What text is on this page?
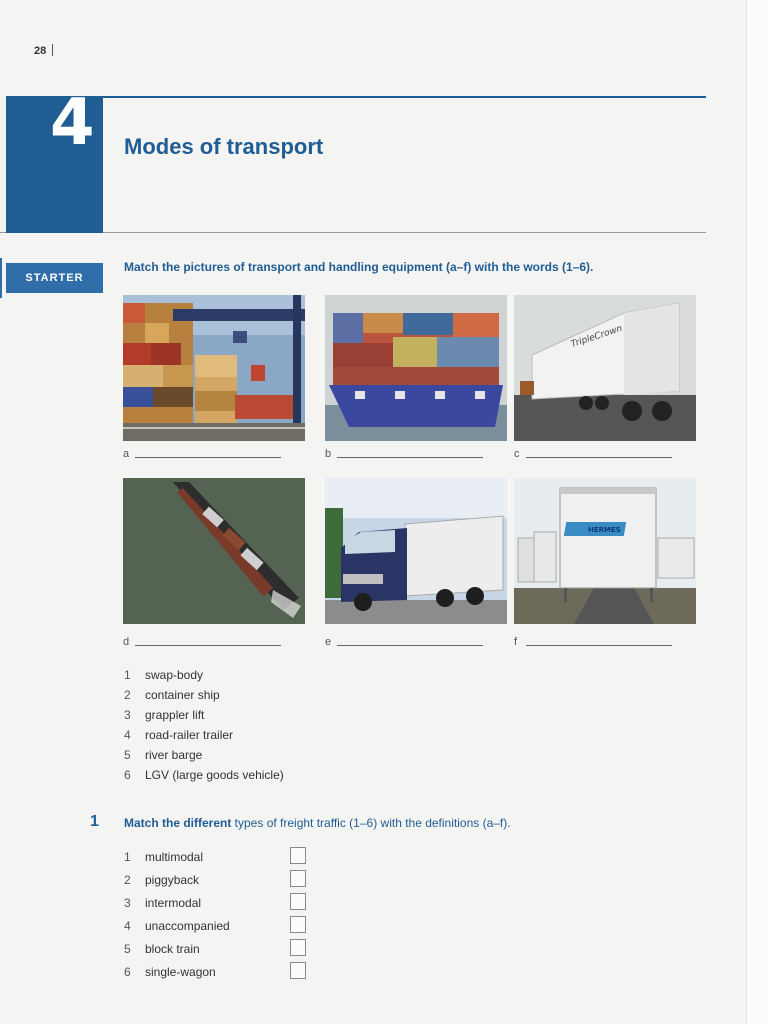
28
4 Modes of transport
STARTER
Match the pictures of transport and handling equipment (a–f) with the words (1–6).
TripleCrown
a	b	c
HERMES
d	e	f
1	swap-body
2	container ship
3	grappler lift
4	road-railer trailer
5	river barge
6	LGV (large goods vehicle)
1 Match the different types of freight traffic (1–6) with the definitions (a–f).
1	multimodal
2	piggyback
3	intermodal
4	unaccompanied
5	block train
6	single-wagon
